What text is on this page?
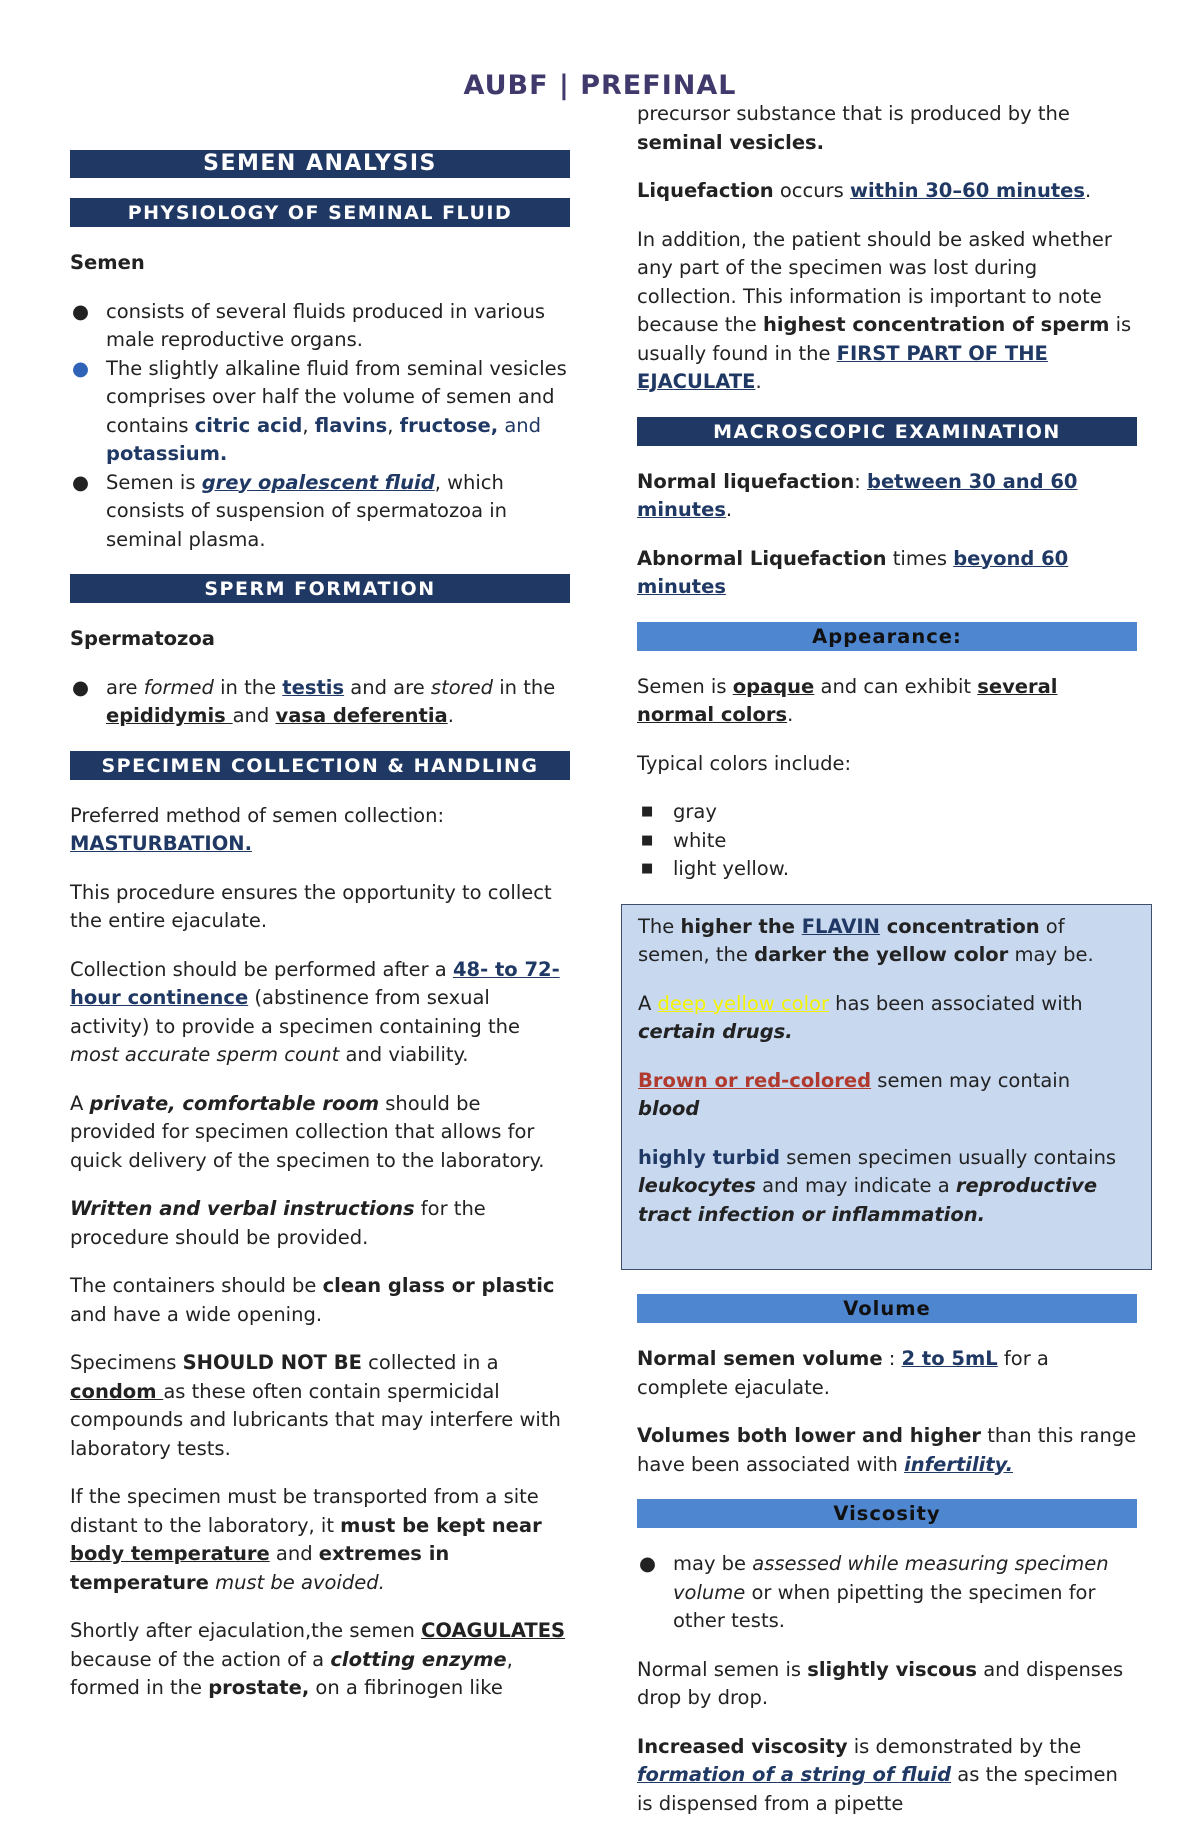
AUBF | PREFINAL
SEMEN ANALYSIS
PHYSIOLOGY OF SEMINAL FLUID
Semen
● consists of several fluids produced in various male reproductive organs.
● The slightly alkaline fluid from seminal vesicles comprises over half the volume of semen and contains citric acid, flavins, fructose, and potassium.
● Semen is grey opalescent fluid, which consists of suspension of spermatozoa in seminal plasma.
SPERM FORMATION
Spermatozoa
● are formed in the testis and are stored in the epididymis and vasa deferentia.
SPECIMEN COLLECTION & HANDLING

Preferred method of semen collection: MASTURBATION.

This procedure ensures the opportunity to collect the entire ejaculate.

Collection should be performed after a 48- to 72-hour continence (abstinence from sexual activity) to provide a specimen containing the most accurate sperm count and viability.

A private, comfortable room should be provided for specimen collection that allows for quick delivery of the specimen to the laboratory.

Written and verbal instructions for the procedure should be provided.

The containers should be clean glass or plastic and have a wide opening.

Specimens SHOULD NOT BE collected in a condom as these often contain spermicidal compounds and lubricants that may interfere with laboratory tests.

If the specimen must be transported from a site distant to the laboratory, it must be kept near body temperature and extremes in temperature must be avoided.

Shortly after ejaculation,the semen COAGULATES because of the action of a clotting enzyme, formed in the prostate, on a fibrinogen like

precursor substance that is produced by the seminal vesicles.

Liquefaction occurs within 30–60 minutes.

In addition, the patient should be asked whether any part of the specimen was lost during collection. This information is important to note because the highest concentration of sperm is usually found in the FIRST PART OF THE EJACULATE.

MACROSCOPIC EXAMINATION

Normal liquefaction: between 30 and 60 minutes.

Abnormal Liquefaction times beyond 60 minutes

Appearance:

Semen is opaque and can exhibit several normal colors.

Typical colors include:

■ gray
■ white
■ light yellow.

The higher the FLAVIN concentration of semen, the darker the yellow color may be.

A deep yellow color has been associated with certain drugs.

Brown or red-colored semen may contain blood

highly turbid semen specimen usually contains leukocytes and may indicate a reproductive tract infection or inflammation.

Volume

Normal semen volume : 2 to 5mL for a complete ejaculate.

Volumes both lower and higher than this range have been associated with infertility.

Viscosity
● may be assessed while measuring specimen volume or when pipetting the specimen for other tests.

Normal semen is slightly viscous and dispenses drop by drop.

Increased viscosity is demonstrated by the formation of a string of fluid as the specimen is dispensed from a pipette
